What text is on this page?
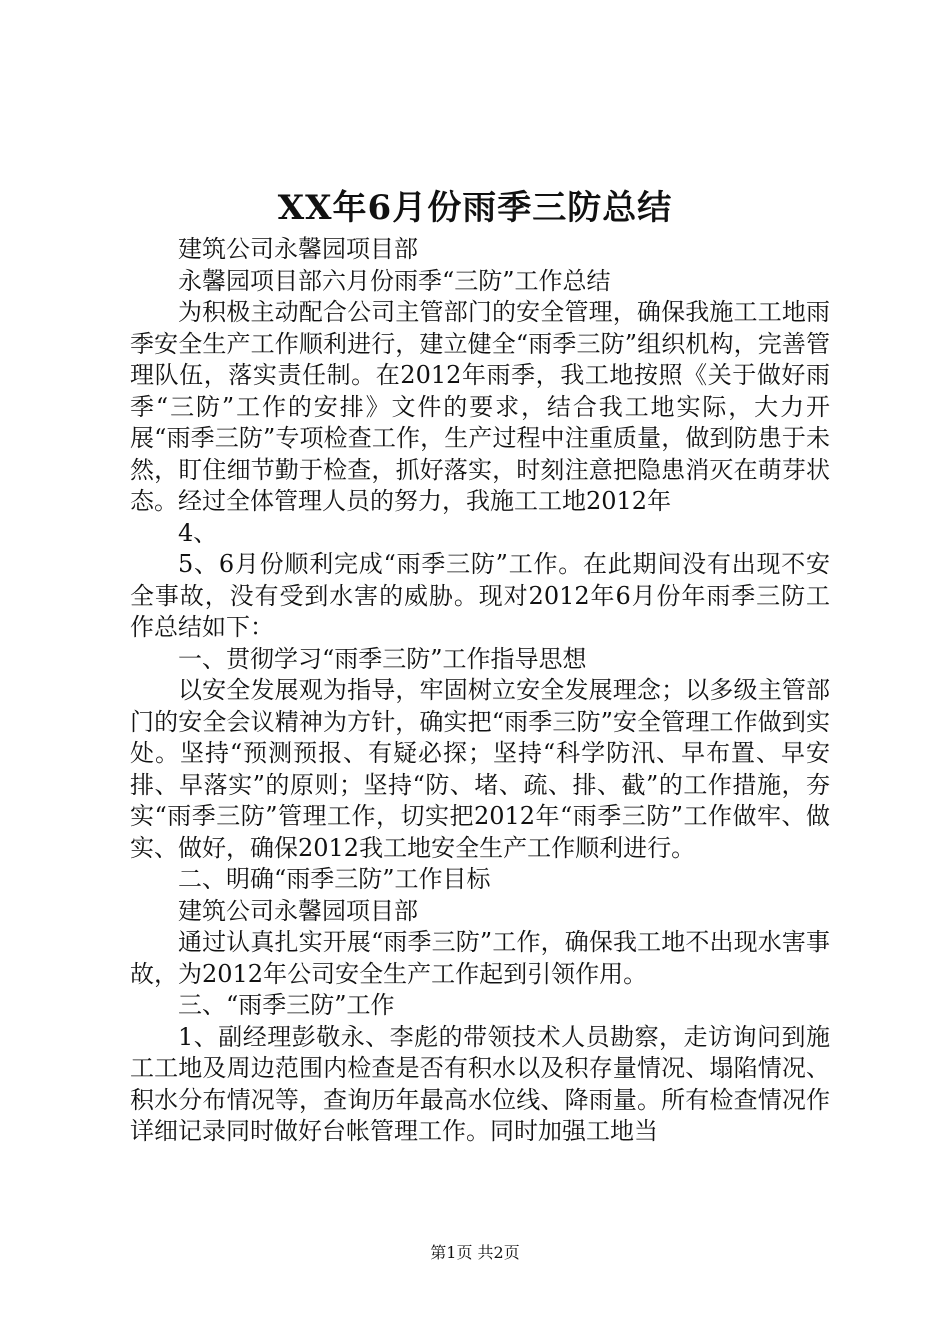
XX年6月份雨季三防总结

建筑公司永馨园项目部

永馨园项目部六月份雨季“三防”工作总结

为积极主动配合公司主管部门的安全管理，确保我施工工地雨季安全生产工作顺利进行，建立健全“雨季三防”组织机构，完善管理队伍，落实责任制。在2012年雨季，我工地按照《关于做好雨季“三防”工作的安排》文件的要求，结合我工地实际，大力开展“雨季三防”专项检查工作，生产过程中注重质量，做到防患于未然，盯住细节勤于检查，抓好落实，时刻注意把隐患消灭在萌芽状态。经过全体管理人员的努力，我施工工地2012年

4、

5、6月份顺利完成“雨季三防”工作。在此期间没有出现不安全事故，没有受到水害的威胁。现对2012年6月份年雨季三防工作总结如下：

一、贯彻学习“雨季三防”工作指导思想

以安全发展观为指导，牢固树立安全发展理念；以多级主管部门的安全会议精神为方针，确实把“雨季三防”安全管理工作做到实处。坚持“预测预报、有疑必探；坚持“科学防汛、早布置、早安排、早落实”的原则；坚持“防、堵、疏、排、截”的工作措施，夯实“雨季三防”管理工作，切实把2012年“雨季三防”工作做牢、做实、做好，确保2012我工地安全生产工作顺利进行。

二、明确“雨季三防”工作目标

建筑公司永馨园项目部

通过认真扎实开展“雨季三防”工作，确保我工地不出现水害事故，为2012年公司安全生产工作起到引领作用。

三、“雨季三防”工作

1、副经理彭敬永、李彪的带领技术人员勘察，走访询问到施工工地及周边范围内检查是否有积水以及积存量情况、塌陷情况、积水分布情况等，查询历年最高水位线、降雨量。所有检查情况作详细记录同时做好台帐管理工作。同时加强工地当

第1页 共2页
